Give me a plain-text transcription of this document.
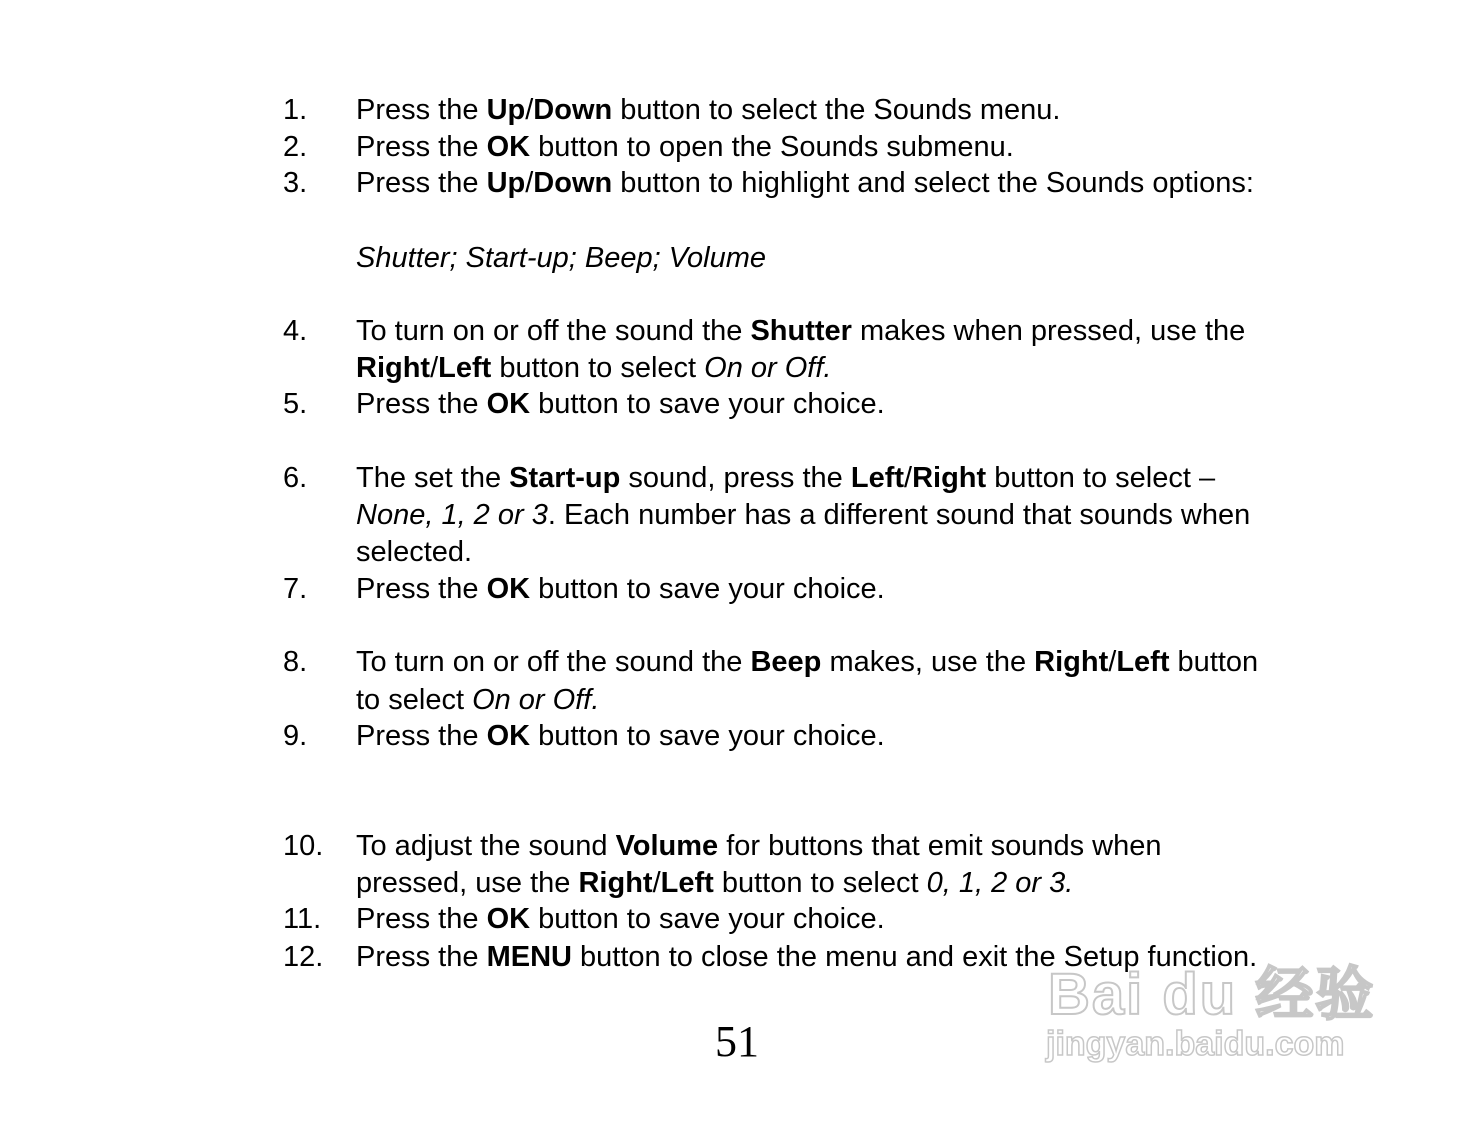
1. Press the Up/Down button to select the Sounds menu.
2. Press the OK button to open the Sounds submenu.
3. Press the Up/Down button to highlight and select the Sounds options:
Shutter; Start-up; Beep; Volume
4. To turn on or off the sound the Shutter makes when pressed, use the
Right/Left button to select On or Off.
5. Press the OK button to save your choice.
6. The set the Start-up sound, press the Left/Right button to select –
None, 1, 2 or 3. Each number has a different sound that sounds when
selected.
7. Press the OK button to save your choice.
8. To turn on or off the sound the Beep makes, use the Right/Left button
to select On or Off.
9. Press the OK button to save your choice.
10. To adjust the sound Volume for buttons that emit sounds when
pressed, use the Right/Left button to select 0, 1, 2 or 3.
11. Press the OK button to save your choice.
12. Press the MENU button to close the menu and exit the Setup function.
51
Bai du 经验
jingyan.baidu.com
